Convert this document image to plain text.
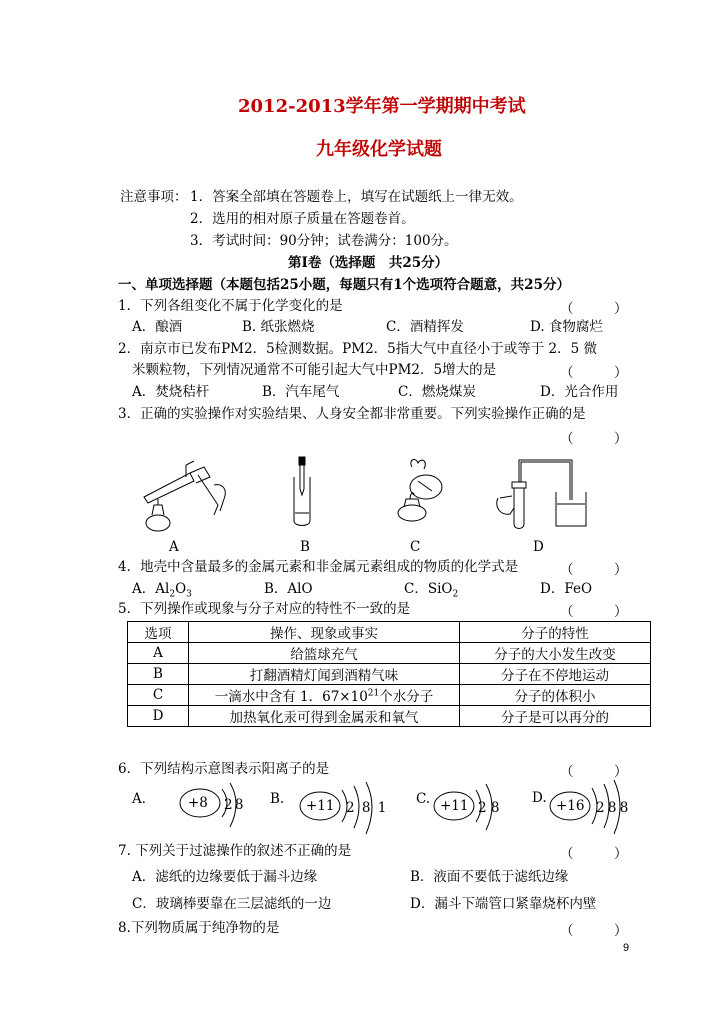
2012-2013学年第一学期期中考试
九年级化学试题
注意事项： 1．答案全部填在答题卷上，填写在试题纸上一律无效。
2．选用的相对原子质量在答题卷首。
3．考试时间：90分钟；试卷满分：100分。
第Ⅰ卷（选择题　共25分）
一、单项选择题（本题包括25小题，每题只有1个选项符合题意，共25分）
1．下列各组变化不属于化学变化的是	（　　　）
A．酿酒	B. 纸张燃烧	C．酒精挥发	D. 食物腐烂
2．南京市已发布PM2．5检测数据。PM2．5指大气中直径小于或等于 2．5 微
米颗粒物，下列情况通常不可能引起大气中PM2．5增大的是	（　　　）
A．焚烧秸杆	B．汽车尾气	C．燃烧煤炭	D．光合作用
3．正确的实验操作对实验结果、人身安全都非常重要。下列实验操作正确的是
（　　　）
A	B	C	D
4．地壳中含量最多的金属元素和非金属元素组成的物质的化学式是	（　　　）
A．$Al_2O_3$	B．AlO	C．SiO$_2$	D．FeO
5．下列操作或现象与分子对应的特性不一致的是	（　　　）
选项	操作、现象或事实	分子的特性
A	给篮球充气	分子的大小发生改变
B	打翻酒精灯闻到酒精气味	分子在不停地运动
C	一滴水中含有 1．$67\times 10^{21}$个水分子	分子的体积小
D	加热氧化汞可得到金属汞和氧气	分子是可以再分的
6．下列结构示意图表示阳离子的是	（　　　）
A． +8 2 8 B. +11 2 8 1
C. +11 2 8
D. +16 2 8 8
7. 下列关于过滤操作的叙述不正确的是	（　　　）
A．滤纸的边缘要低于漏斗边缘	B．液面不要低于滤纸边缘
C．玻璃棒要靠在三层滤纸的一边	D．漏斗下端管口紧靠烧杯内壁
8.下列物质属于纯净物的是	（　　　）
9
